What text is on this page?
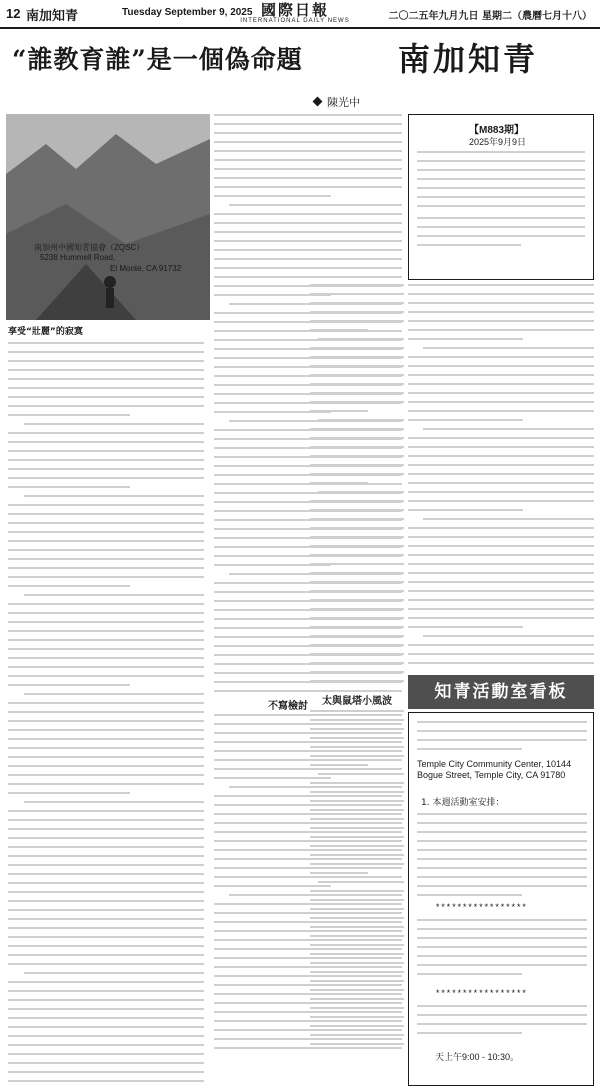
12 南加知青	Tuesday September 9, 2025 國際日報
INTERNATIONAL DAILY NEWS	二〇二五年九月九日 星期二（農曆七月十八）
“誰教育誰”是一個偽命題	南加知青
陳光中
享受“壯麗”的寂寞
不寫檢討
【M883期】
2025年9月9日
南加州中國知青協會（ZQSC）
5238 Hummell Road,
El Monte, CA 91732
太與鼠塔小風波	知青活動室看板
Temple City Community Center, 10144 Bogue Street, Temple City, CA 91780
1. 本週活動室安排：
*****************
*****************
天上午9:00 - 10:30。
